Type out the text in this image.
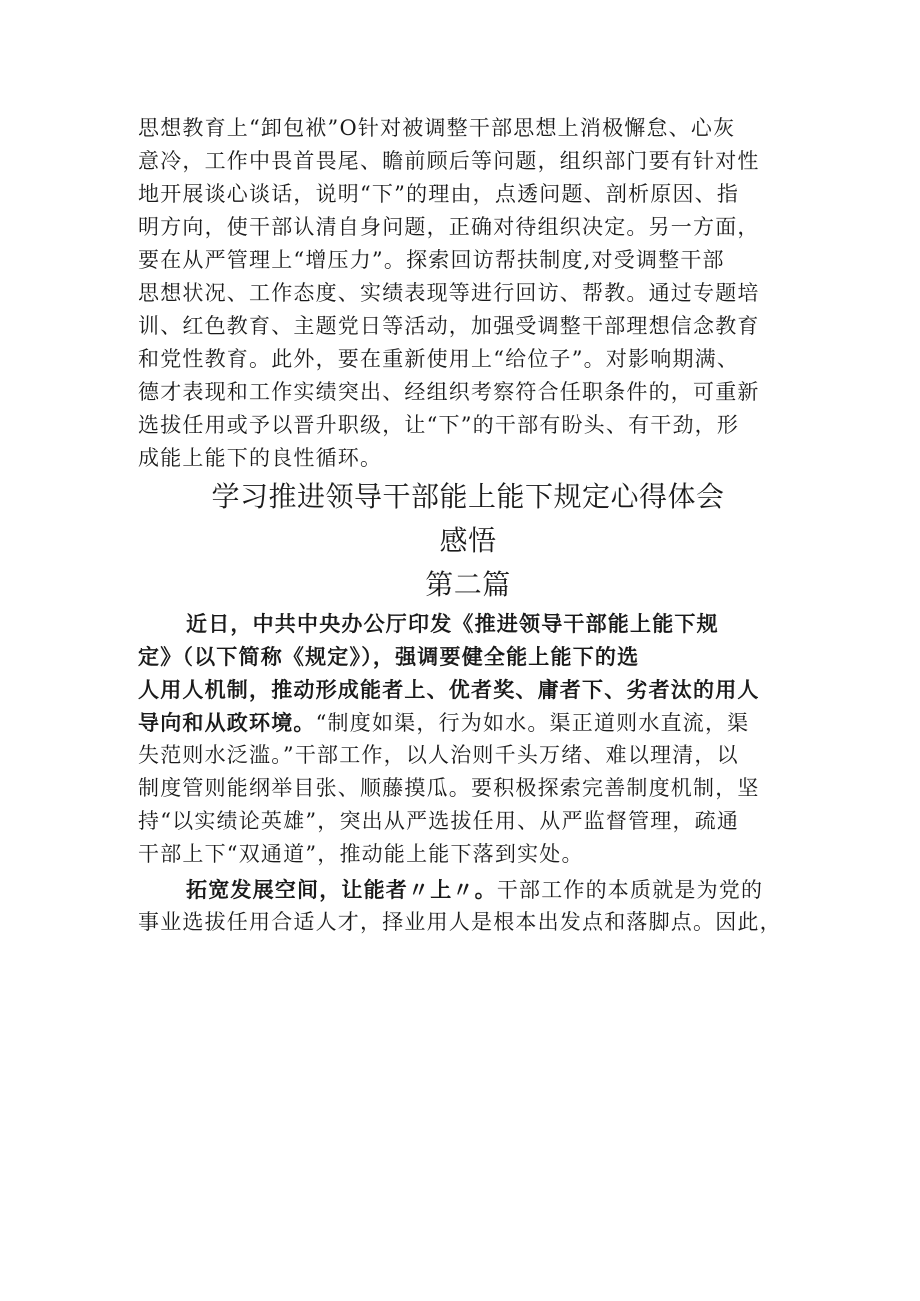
思想教育上“卸包袱”O针对被调整干部思想上消极懈怠、心灰
意冷，工作中畏首畏尾、瞻前顾后等问题，组织部门要有针对性
地开展谈心谈话，说明“下”的理由，点透问题、剖析原因、指
明方向，使干部认清自身问题，正确对待组织决定。另一方面，
要在从严管理上“增压力”。探索回访帮扶制度,对受调整干部
思想状况、工作态度、实绩表现等进行回访、帮教。通过专题培
训、红色教育、主题党日等活动，加强受调整干部理想信念教育
和党性教育。此外，要在重新使用上“给位子”。对影响期满、
德才表现和工作实绩突出、经组织考察符合任职条件的，可重新
选拔任用或予以晋升职级，让“下”的干部有盼头、有干劲，形
成能上能下的良性循环。
学习推进领导干部能上能下规定心得体会
感悟
第二篇
近日，中共中央办公厅印发《推进领导干部能上能下规
定》（以下简称《规定》），强调要健全能上能下的选
人用人机制，推动形成能者上、优者奖、庸者下、劣者汰的用人
导向和从政环境。“制度如渠，行为如水。渠正道则水直流，渠
失范则水泛滥。”干部工作，以人治则千头万绪、难以理清，以
制度管则能纲举目张、顺藤摸瓜。要积极探索完善制度机制，坚
持“以实绩论英雄”，突出从严选拔任用、从严监督管理，疏通
干部上下“双通道”，推动能上能下落到实处。
拓宽发展空间，让能者〃上〃。干部工作的本质就是为党的
事业选拔任用合适人才，择业用人是根本出发点和落脚点。因此，
